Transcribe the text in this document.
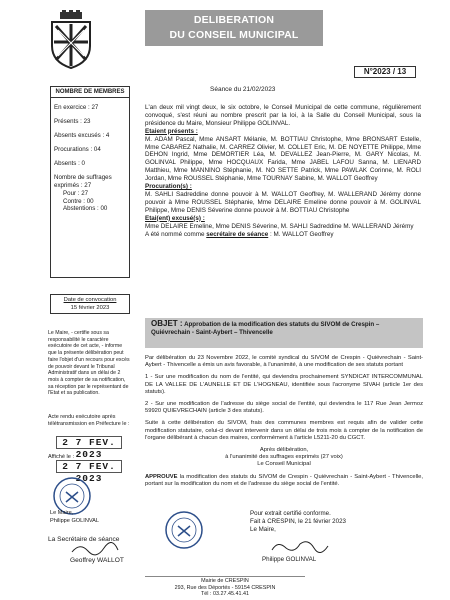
DELIBERATION
DU CONSEIL MUNICIPAL
N°2023 / 13
Séance du 21/02/2023
NOMBRE DE MEMBRES
En exercice : 27
Présents : 23
Absents excusés : 4
Procurations : 04
Absents : 0
Nombre de suffrages exprimés : 27
Pour : 27
Contre : 00
Abstentions : 00
L'an deux mil vingt deux, le six octobre, le Conseil Municipal de cette commune, régulièrement convoqué, s'est réuni au nombre prescrit par la loi, à la Salle du Conseil Municipal, sous la présidence du Maire, Monsieur Philippe GOLINVAL.
Etaient présents :
M. ADAM Pascal, Mme ANSART Mélanie, M. BOTTIAU Christophe, Mme BRONSART Estelle, Mme CABAREZ Nathalie, M. CARREZ Olivier, M. COLLET Eric, M. DE NOYETTE Philippe, Mme DEHON Ingrid, Mme DEMORTIER Léa, M. DEVALLEZ Jean-Pierre, M. GARY Nicolas, M. GOLINVAL Philippe, Mme HOCQUAUX Farida, Mme JABEL LAFOU Sanna, M. LIENARD Matthieu, Mme MANNINO Stéphanie, M. NO SETTE Patrick, Mme PAWLAK Corinne, M. ROLI Jordan, Mme ROUSSEL Stéphanie, Mme TOURNAY Sabine, M. WALLOT Geoffrey
Procuration(s) :
M. SAHLI Sadreddine donne pouvoir à M. WALLOT Geoffrey, M. WALLERAND Jérémy donne pouvoir à Mme ROUSSEL Stéphanie, Mme DELAIRE Emeline donne pouvoir à M. GOLINVAL Philippe, Mme DENIS Séverine donne pouvoir à M. BOTTIAU Christophe
Etai(ent) excusé(s) :
Mme DELAIRE Emeline, Mme DENIS Séverine, M. SAHLI Sadreddine M. WALLERAND Jérémy
A été nommé comme secrétaire de séance : M. WALLOT Geoffrey
Date de convocation
15 février 2023
OBJET : Approbation de la modification des statuts du SIVOM de Crespin – Quiévrechain - Saint-Aybert – Thivencelle
Le Maire, - certifie sous sa responsabilité le caractère exécutoire de cet acte, - informe que la présente délibération peut faire l'objet d'un recours pour excès de pouvoir devant le Tribunal Administratif dans un délai de 2 mois à compter de sa notification, sa réception par le représentant de l'Etat et sa publication.
Acte rendu exécutoire après télétransmission en Préfecture le :
2 7 FEV. 2023
Affiché le :
2 7 FEV. 2023
Le Maire,
Philippe GOLINVAL
La Secrétaire de séance
Geoffrey WALLOT

Par délibération du 23 Novembre 2022, le comité syndical du SIVOM de Crespin - Quiévrechain - Saint-Aybert - Thivencelle a émis un avis favorable, à l'unanimité, à une modification de ses statuts portant

1 - Sur une modification du nom de l'entité, qui deviendra prochainement SYNDICAT INTERCOMMUNAL DE LA VALLEE DE L'AUNELLE ET DE L'HOGNEAU, identifiée sous l'acronyme SIVAH (article 1er des statuts).

2 - Sur une modification de l'adresse du siège social de l'entité, qui deviendra le 117 Rue Jean Jermoz 59920 QUIEVRECHAIN (article 3 des statuts).

Suite à cette délibération du SIVOM, frais des communes membres est requis afin de valider cette modification statutaire, celui-ci devant intervenir dans un délai de trois mois à compter de la notification de l'organe délibérant à chacun des maires, conformément à l'article L5211-20 du CGCT.

Après délibération,
à l'unanimité des suffrages exprimés (27 voix)
Le Conseil Municipal

APPROUVE la modification des statuts du SIVOM de Crespin - Quiévrechain - Saint-Aybert - Thivencelle, portant sur la modification du nom et de l'adresse du siège social de l'entité.

Pour extrait certifié conforme.
Fait à CRESPIN, le 21 février 2023
Le Maire,
Philippe GOLINVAL
Mairie de CRESPIN
293, Rue des Déportés - 59154 CRESPIN
Tél : 03.27.45.41.41
